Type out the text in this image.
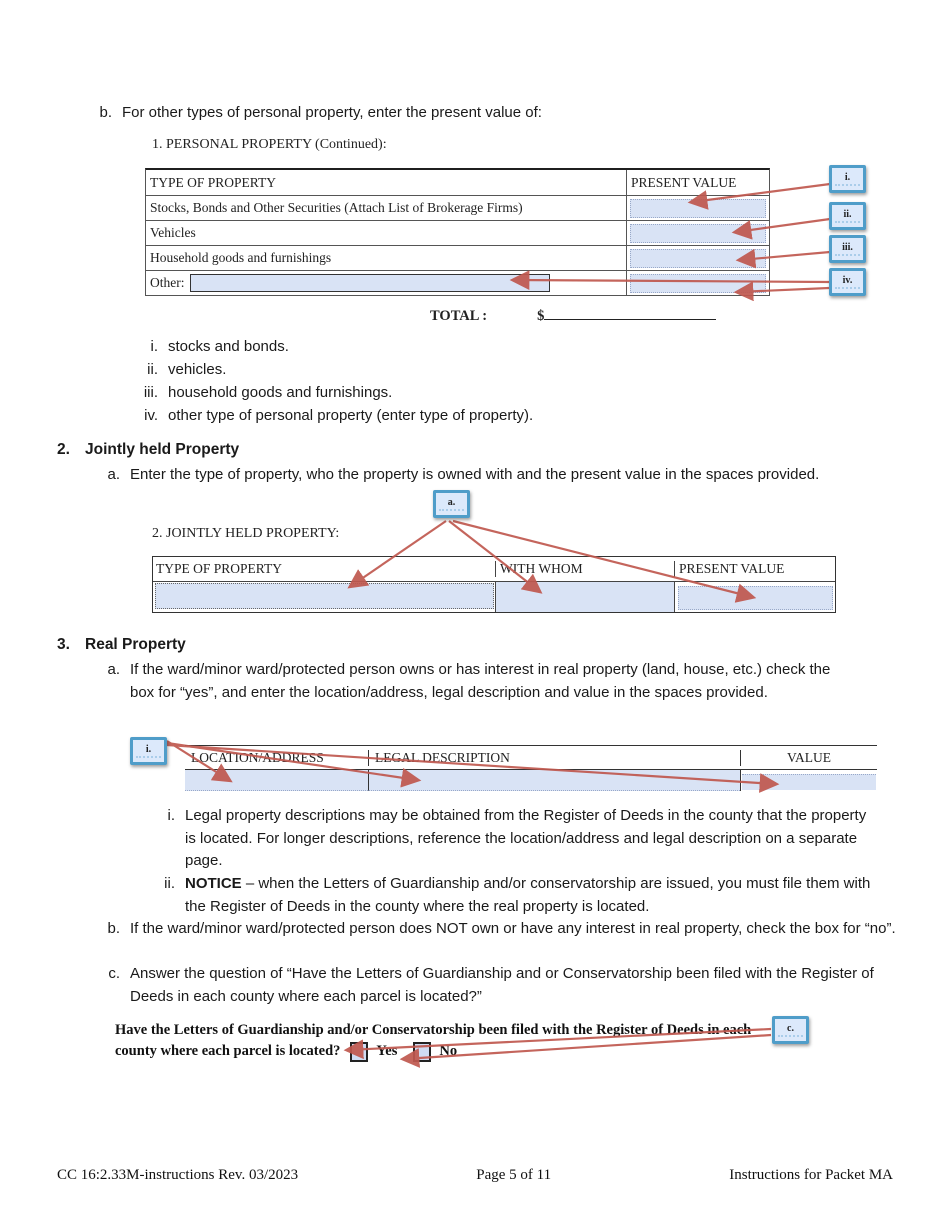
b. For other types of personal property, enter the present value of:
1. PERSONAL PROPERTY (Continued):
TYPE OF PROPERTY	PRESENT VALUE
Stocks, Bonds and Other Securities (Attach List of Brokerage Firms)
Vehicles
Household goods and furnishings
Other:
TOTAL :	$
i. stocks and bonds.
ii. vehicles.
iii. household goods and furnishings.
iv. other type of personal property (enter type of property).
2. Jointly held Property
a. Enter the type of property, who the property is owned with and the present value in the spaces provided.
2. JOINTLY HELD PROPERTY:
TYPE OF PROPERTY	WITH WHOM	PRESENT VALUE
3. Real Property
a. If the ward/minor ward/protected person owns or has interest in real property (land, house, etc.) check the box for “yes”, and enter the location/address, legal description and value in the spaces provided.
LOCATION/ADDRESS	LEGAL DESCRIPTION	VALUE
i. Legal property descriptions may be obtained from the Register of Deeds in the county that the property is located. For longer descriptions, reference the location/address and legal description on a separate page.
ii. NOTICE – when the Letters of Guardianship and/or conservatorship are issued, you must file them with the Register of Deeds in the county where the real property is located.
b. If the ward/minor ward/protected person does NOT own or have any interest in real property, check the box for “no”.
c. Answer the question of “Have the Letters of Guardianship and or Conservatorship been filed with the Register of Deeds in each county where each parcel is located?”
Have the Letters of Guardianship and/or Conservatorship been filed with the Register of Deeds in each
county where each parcel is located? Yes	No
i.
ii.
iii.
iv.
a.
i.
c.
CC 16:2.33M-instructions Rev. 03/2023	Page 5 of 11	Instructions for Packet MA
